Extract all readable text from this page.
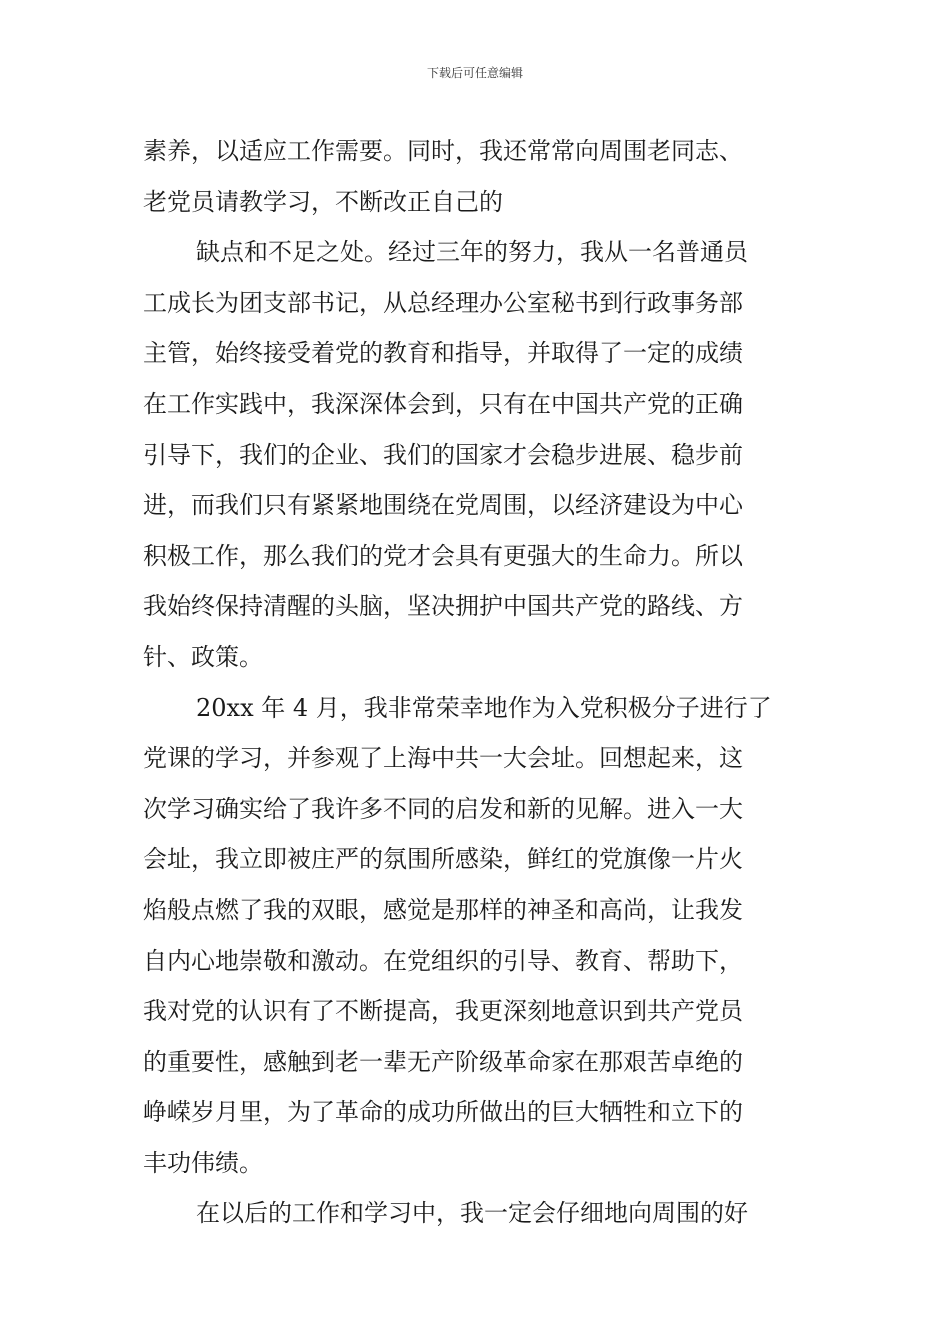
下载后可任意编辑
素养，以适应工作需要。同时，我还常常向周围老同志、
老党员请教学习，不断改正自己的
缺点和不足之处。经过三年的努力，我从一名普通员
工成长为团支部书记，从总经理办公室秘书到行政事务部
主管，始终接受着党的教育和指导，并取得了一定的成绩
在工作实践中，我深深体会到，只有在中国共产党的正确
引导下，我们的企业、我们的国家才会稳步进展、稳步前
进，而我们只有紧紧地围绕在党周围，以经济建设为中心
积极工作，那么我们的党才会具有更强大的生命力。所以
我始终保持清醒的头脑，坚决拥护中国共产党的路线、方
针、政策。
20xx 年 4 月，我非常荣幸地作为入党积极分子进行了
党课的学习，并参观了上海中共一大会址。回想起来，这
次学习确实给了我许多不同的启发和新的见解。进入一大
会址，我立即被庄严的氛围所感染，鲜红的党旗像一片火
焰般点燃了我的双眼，感觉是那样的神圣和高尚，让我发
自内心地崇敬和激动。在党组织的引导、教育、帮助下，
我对党的认识有了不断提高，我更深刻地意识到共产党员
的重要性，感触到老一辈无产阶级革命家在那艰苦卓绝的
峥嵘岁月里，为了革命的成功所做出的巨大牺牲和立下的
丰功伟绩。
在以后的工作和学习中，我一定会仔细地向周围的好
